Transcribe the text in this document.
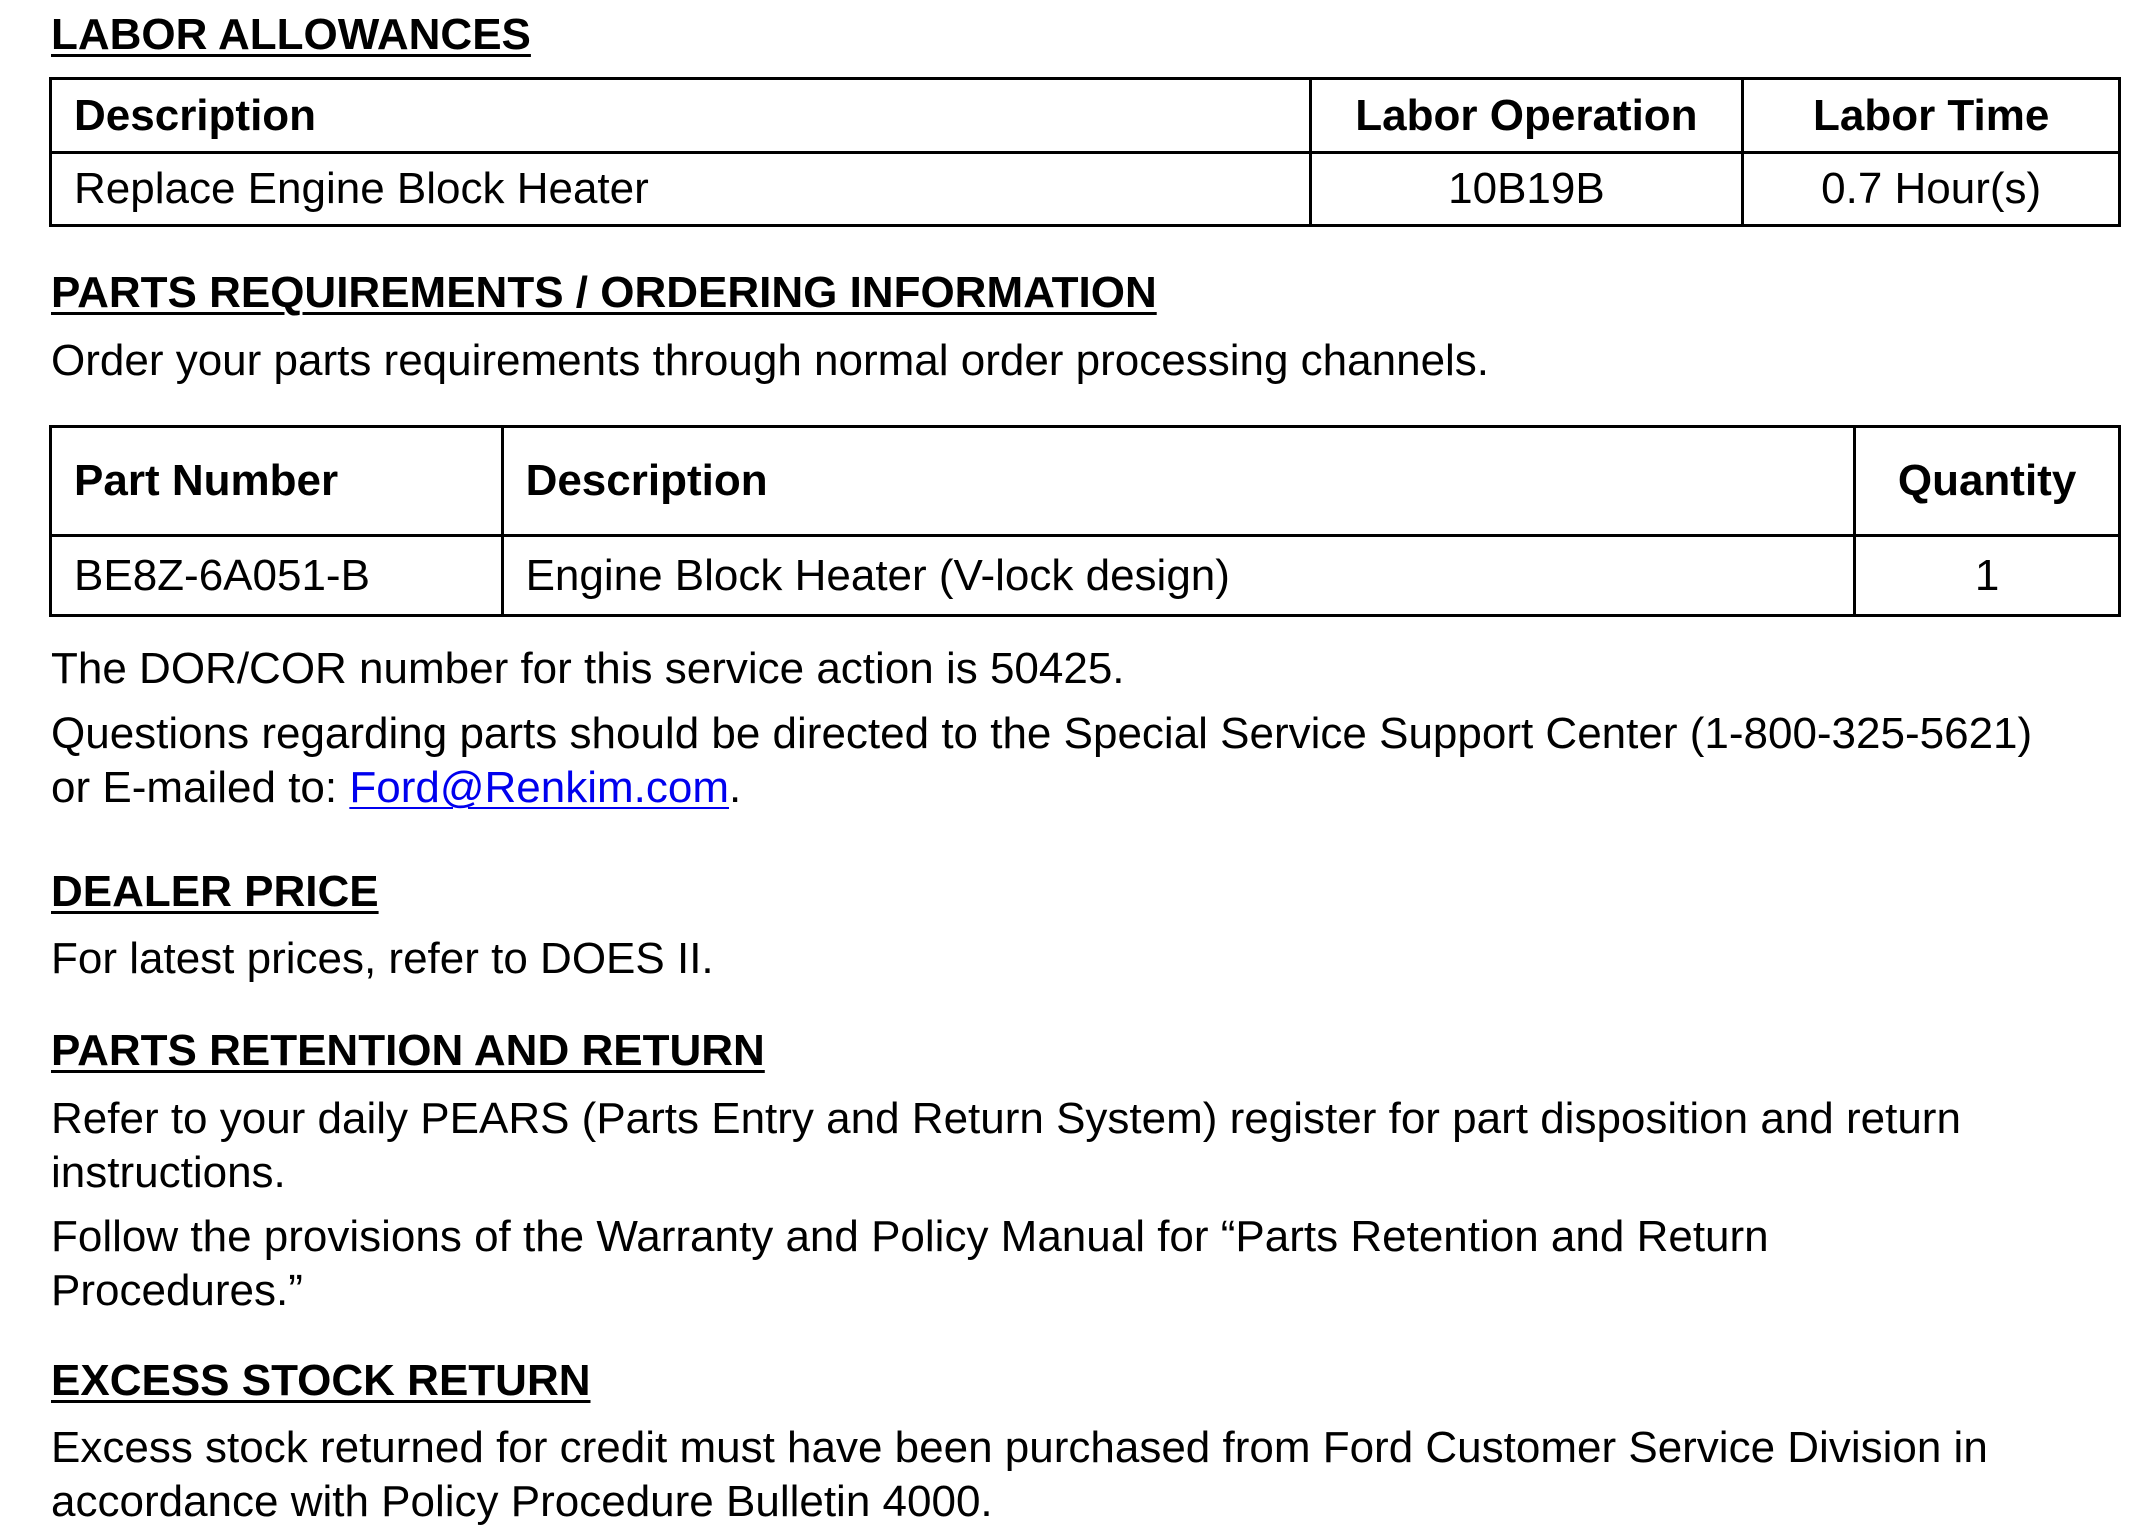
LABOR ALLOWANCES
Description	Labor Operation	Labor Time
Replace Engine Block Heater	10B19B	0.7 Hour(s)
PARTS REQUIREMENTS / ORDERING INFORMATION

Order your parts requirements through normal order processing channels.

Part Number	Description	Quantity
BE8Z-6A051-B	Engine Block Heater (V-lock design)	1

The DOR/COR number for this service action is 50425.

Questions regarding parts should be directed to the Special Service Support Center (1-800-325-5621) or E-mailed to: Ford@Renkim.com.

DEALER PRICE

For latest prices, refer to DOES II.

PARTS RETENTION AND RETURN

Refer to your daily PEARS (Parts Entry and Return System) register for part disposition and return instructions.

Follow the provisions of the Warranty and Policy Manual for “Parts Retention and Return Procedures.”

EXCESS STOCK RETURN

Excess stock returned for credit must have been purchased from Ford Customer Service Division in accordance with Policy Procedure Bulletin 4000.
